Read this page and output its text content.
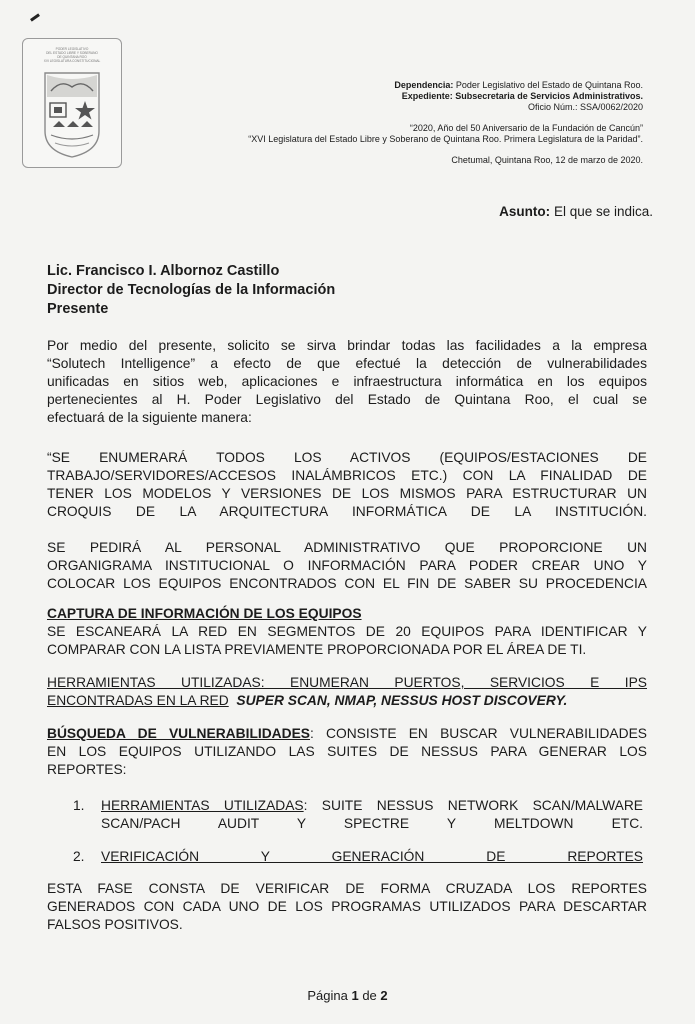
PODER LEGISLATIVO
DEL ESTADO LIBRE Y SOBERANO
DE QUINTANA ROO
XVI LEGISLATURA CONSTITUCIONAL
Dependencia: Poder Legislativo del Estado de Quintana Roo.
Expediente: Subsecretaria de Servicios Administrativos.
Oficio Núm.: SSA/0062/2020
“2020, Año del 50 Aniversario de la Fundación de Cancún”
“XVI Legislatura del Estado Libre y Soberano de Quintana Roo. Primera Legislatura de la Paridad”.
Chetumal, Quintana Roo, 12 de marzo de 2020.
Asunto: El que se indica.
Lic. Francisco I. Albornoz Castillo
Director de Tecnologías de la Información
Presente
Por medio del presente, solicito se sirva brindar todas las facilidades a la empresa
“Solutech Intelligence” a efecto de que efectué la detección de vulnerabilidades
unificadas en sitios web, aplicaciones e infraestructura informática en los equipos
pertenecientes al H. Poder Legislativo del Estado de Quintana Roo, el cual se
efectuará de la siguiente manera:
“SE ENUMERARÁ TODOS LOS ACTIVOS (EQUIPOS/ESTACIONES DE
TRABAJO/SERVIDORES/ACCESOS INALÁMBRICOS ETC.) CON LA FINALIDAD DE
TENER LOS MODELOS Y VERSIONES DE LOS MISMOS PARA ESTRUCTURAR UN
CROQUIS DE LA ARQUITECTURA INFORMÁTICA DE LA INSTITUCIÓN.
SE PEDIRÁ AL PERSONAL ADMINISTRATIVO QUE PROPORCIONE UN
ORGANIGRAMA INSTITUCIONAL O INFORMACIÓN PARA PODER CREAR UNO Y
COLOCAR LOS EQUIPOS ENCONTRADOS CON EL FIN DE SABER SU PROCEDENCIA
CAPTURA DE INFORMACIÓN DE LOS EQUIPOS
SE ESCANEARÁ LA RED EN SEGMENTOS DE 20 EQUIPOS PARA IDENTIFICAR Y
COMPARAR CON LA LISTA PREVIAMENTE PROPORCIONADA POR EL ÁREA DE TI.
HERRAMIENTAS UTILIZADAS: ENUMERAN PUERTOS, SERVICIOS E IPS
ENCONTRADAS EN LA RED SUPER SCAN, NMAP, NESSUS HOST DISCOVERY.
BÚSQUEDA DE VULNERABILIDADES: CONSISTE EN BUSCAR VULNERABILIDADES
EN LOS EQUIPOS UTILIZANDO LAS SUITES DE NESSUS PARA GENERAR LOS
REPORTES:
1. HERRAMIENTAS UTILIZADAS: SUITE NESSUS NETWORK SCAN/MALWARE
SCAN/PACH AUDIT Y SPECTRE Y MELTDOWN ETC.
2. VERIFICACIÓN Y GENERACIÓN DE REPORTES
ESTA FASE CONSTA DE VERIFICAR DE FORMA CRUZADA LOS REPORTES
GENERADOS CON CADA UNO DE LOS PROGRAMAS UTILIZADOS PARA DESCARTAR
FALSOS POSITIVOS.
Página 1 de 2
